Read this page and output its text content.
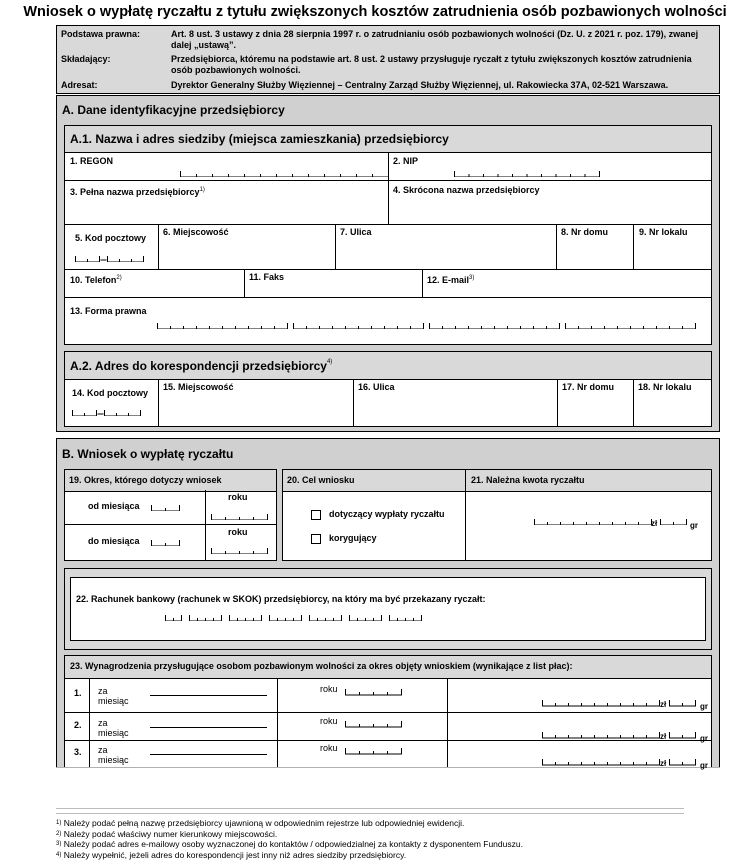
Wniosek o wypłatę ryczałtu z tytułu zwiększonych kosztów zatrudnienia osób pozbawionych wolności
Podstawa prawna:	Art. 8 ust. 3 ustawy z dnia 28 sierpnia 1997 r. o zatrudnianiu osób pozbawionych wolności (Dz. U. z 2021 r. poz. 179), zwanej dalej „ustawą”.
Składający:	Przedsiębiorca, któremu na podstawie art. 8 ust. 2 ustawy przysługuje ryczałt z tytułu zwiększonych kosztów zatrudnienia osób pozbawionych wolności.
Adresat:	Dyrektor Generalny Służby Więziennej – Centralny Zarząd Służby Więziennej, ul. Rakowiecka 37A, 02-521 Warszawa.
A. Dane identyfikacyjne przedsiębiorcy
A.1. Nazwa i adres siedziby (miejsca zamieszkania) przedsiębiorcy
1. REGON	2. NIP
3. Pełna nazwa przedsiębiorcy$^{1)}$	4. Skrócona nazwa przedsiębiorcy
5. Kod pocztowy
6. Miejscowość	7. Ulica	8. Nr domu	9. Nr lokalu
10. Telefon$^{2)}$	11. Faks	12. E-mail$^{3)}$
13. Forma prawna
A.2. Adres do korespondencji przedsiębiorcy$^{4)}$
14. Kod pocztowy
15. Miejscowość	16. Ulica	17. Nr domu	18. Nr lokalu
B. Wniosek o wypłatę ryczałtu
19. Okres, którego dotyczy wniosek
od miesiąca
roku
do miesiąca
roku
20. Cel wniosku
dotyczący wypłaty ryczałtu
korygujący
21. Należna kwota ryczałtu
zł	gr
22. Rachunek bankowy (rachunek w SKOK) przedsiębiorcy, na który ma być przekazany ryczałt:
23. Wynagrodzenia przysługujące osobom pozbawionym wolności za okres objęty wnioskiem (wynikające z list płac):
1. za miesiąc
roku
zł	gr
2. za miesiąc
roku
zł	gr
3. za miesiąc
roku
zł	gr
$^{1)}$ Należy podać pełną nazwę przedsiębiorcy ujawnioną w odpowiednim rejestrze lub odpowiedniej ewidencji.
$^{2)}$ Należy podać właściwy numer kierunkowy miejscowości.
$^{3)}$ Należy podać adres e-mailowy osoby wyznaczonej do kontaktów / odpowiedzialnej za kontakty z dysponentem Funduszu.
$^{4)}$ Należy wypełnić, jeżeli adres do korespondencji jest inny niż adres siedziby przedsiębiorcy.
